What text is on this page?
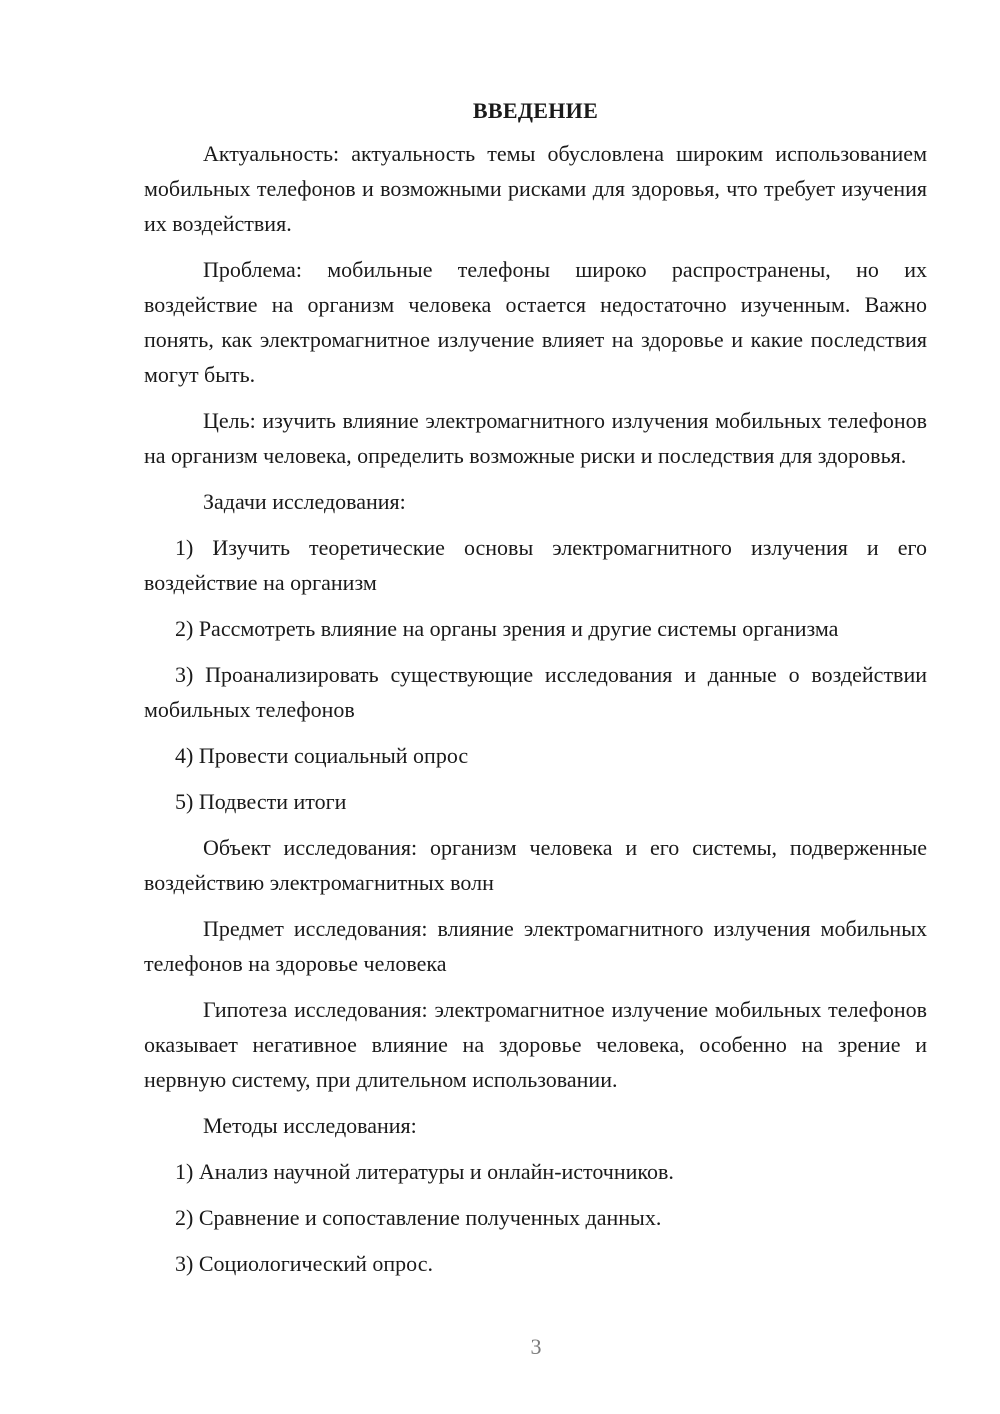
ВВЕДЕНИЕ

Актуальность: актуальность темы обусловлена широким использованием мобильных телефонов и возможными рисками для здоровья, что требует изучения их воздействия.

Проблема: мобильные телефоны широко распространены, но их воздействие на организм человека остается недостаточно изученным. Важно понять, как электромагнитное излучение влияет на здоровье и какие последствия могут быть.

Цель: изучить влияние электромагнитного излучения мобильных телефонов на организм человека, определить возможные риски и последствия для здоровья.

Задачи исследования:

1) Изучить теоретические основы электромагнитного излучения и его воздействие на организм

2) Рассмотреть влияние на органы зрения и другие системы организма

3) Проанализировать существующие исследования и данные о воздействии мобильных телефонов

4) Провести социальный опрос

5) Подвести итоги

Объект исследования: организм человека и его системы, подверженные воздействию электромагнитных волн

Предмет исследования: влияние электромагнитного излучения мобильных телефонов на здоровье человека

Гипотеза исследования: электромагнитное излучение мобильных телефонов оказывает негативное влияние на здоровье человека, особенно на зрение и нервную систему, при длительном использовании.

Методы исследования:

1) Анализ научной литературы и онлайн-источников.

2) Сравнение и сопоставление полученных данных.

3) Социологический опрос.

3
